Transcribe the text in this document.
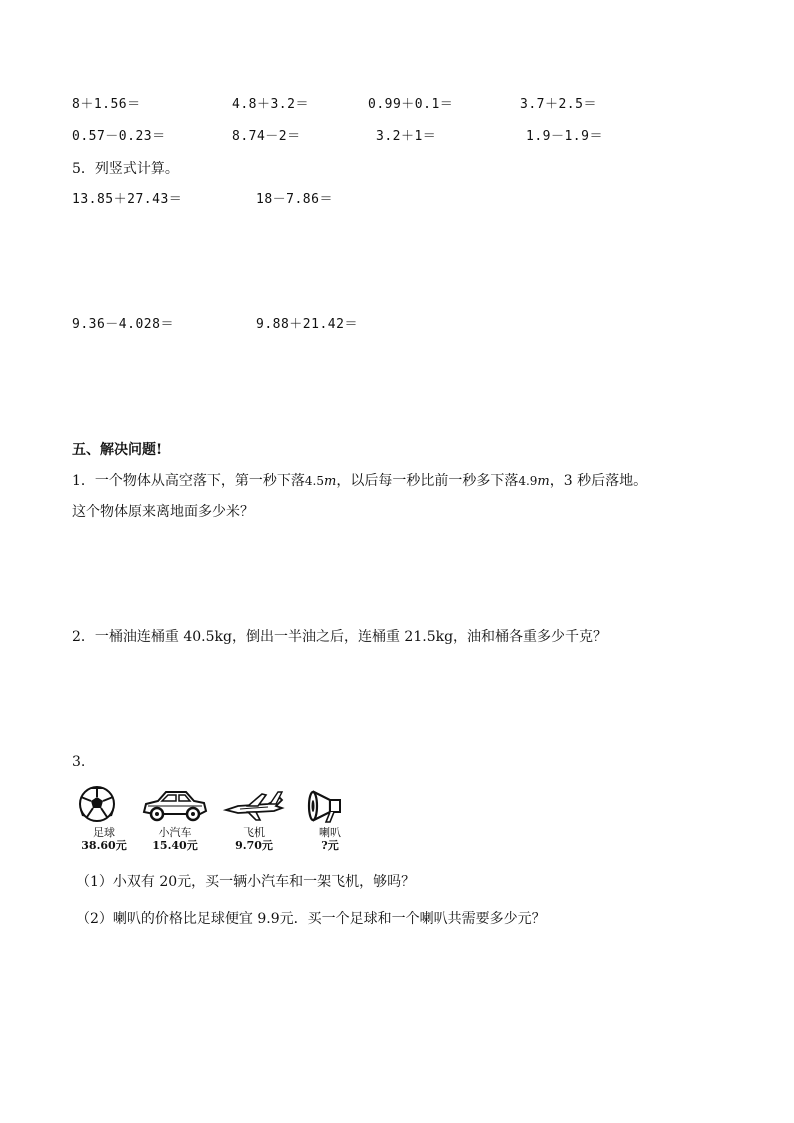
8＋1.56＝	4.8＋3.2＝	0.99＋0.1＝	3.7＋2.5＝
0.57－0.23＝	8.74－2＝	3.2＋1＝	1.9－1.9＝
5．列竖式计算。
13.85＋27.43＝	18－7.86＝
9.36－4.028＝	9.88＋21.42＝
五、解决问题!
1．一个物体从高空落下，第一秒下落4.5m，以后每一秒比前一秒多下落4.9m，3 秒后落地。
这个物体原来离地面多少米？
2．一桶油连桶重 40.5kg，倒出一半油之后，连桶重 21.5kg，油和桶各重多少千克？
3.
足球
38.60元
小汽车
15.40元
飞机
9.70元
喇叭
?元
（1）小双有 20元，买一辆小汽车和一架飞机，够吗？
（2）喇叭的价格比足球便宜 9.9元．买一个足球和一个喇叭共需要多少元？
